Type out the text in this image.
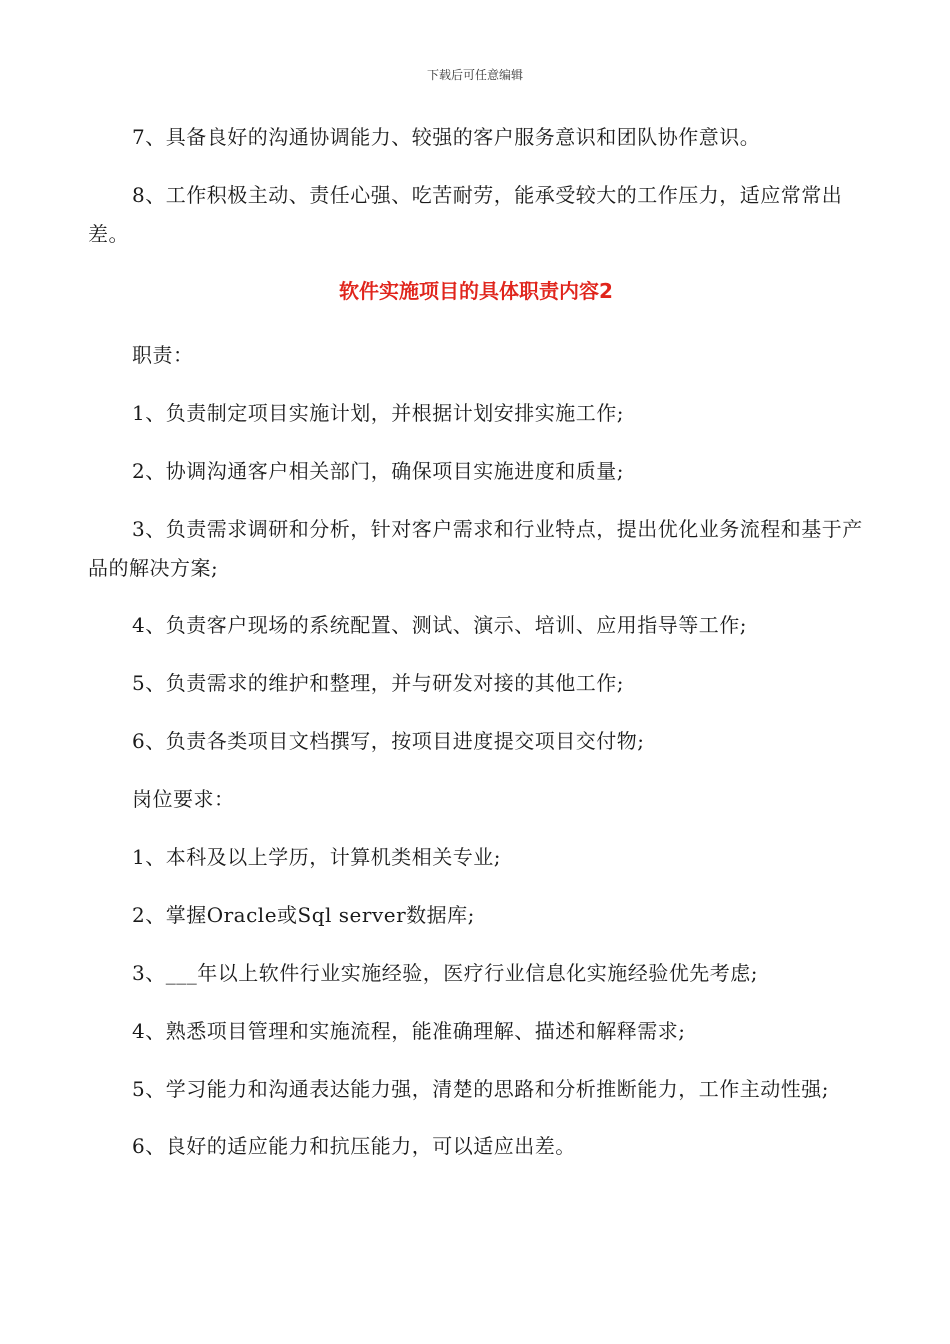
下载后可任意编辑

7、具备良好的沟通协调能力、较强的客户服务意识和团队协作意识。

8、工作积极主动、责任心强、吃苦耐劳，能承受较大的工作压力，适应常常出差。

软件实施项目的具体职责内容2

职责：

1、负责制定项目实施计划，并根据计划安排实施工作;

2、协调沟通客户相关部门，确保项目实施进度和质量;

3、负责需求调研和分析，针对客户需求和行业特点，提出优化业务流程和基于产品的解决方案;

4、负责客户现场的系统配置、测试、演示、培训、应用指导等工作;

5、负责需求的维护和整理，并与研发对接的其他工作;

6、负责各类项目文档撰写，按项目进度提交项目交付物;

岗位要求：

1、本科及以上学历，计算机类相关专业;

2、掌握Oracle或Sql server数据库;

3、___年以上软件行业实施经验，医疗行业信息化实施经验优先考虑;

4、熟悉项目管理和实施流程，能准确理解、描述和解释需求;

5、学习能力和沟通表达能力强，清楚的思路和分析推断能力，工作主动性强;

6、良好的适应能力和抗压能力，可以适应出差。
